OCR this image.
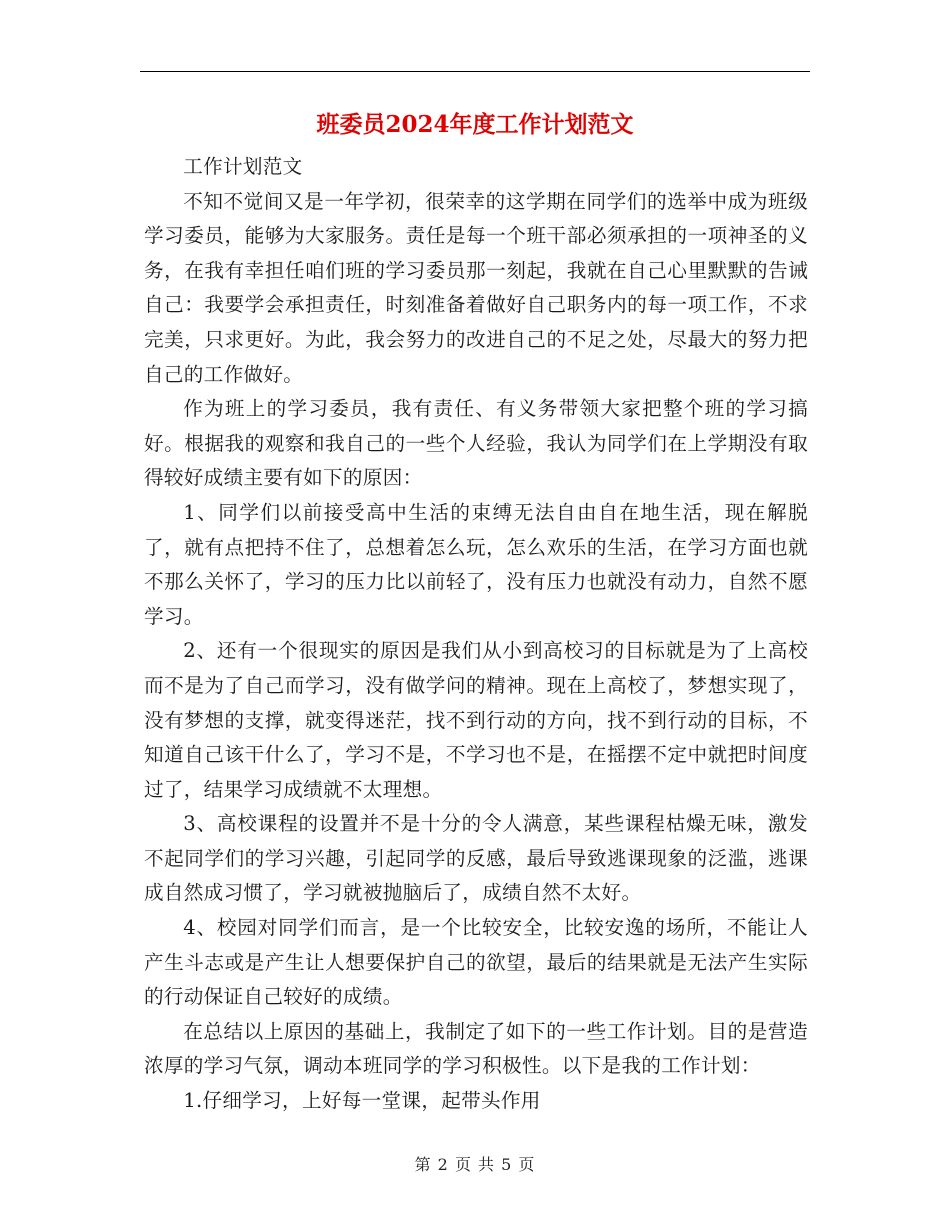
班委员2024年度工作计划范文

工作计划范文

不知不觉间又是一年学初，很荣幸的这学期在同学们的选举中成为班级学习委员，能够为大家服务。责任是每一个班干部必须承担的一项神圣的义务，在我有幸担任咱们班的学习委员那一刻起，我就在自己心里默默的告诫自己：我要学会承担责任，时刻准备着做好自己职务内的每一项工作，不求完美，只求更好。为此，我会努力的改进自己的不足之处，尽最大的努力把自己的工作做好。

作为班上的学习委员，我有责任、有义务带领大家把整个班的学习搞好。根据我的观察和我自己的一些个人经验，我认为同学们在上学期没有取得较好成绩主要有如下的原因：

1、同学们以前接受高中生活的束缚无法自由自在地生活，现在解脱了，就有点把持不住了，总想着怎么玩，怎么欢乐的生活，在学习方面也就不那么关怀了，学习的压力比以前轻了，没有压力也就没有动力，自然不愿学习。

2、还有一个很现实的原因是我们从小到高校习的目标就是为了上高校而不是为了自己而学习，没有做学问的精神。现在上高校了，梦想实现了，没有梦想的支撑，就变得迷茫，找不到行动的方向，找不到行动的目标，不知道自己该干什么了，学习不是，不学习也不是，在摇摆不定中就把时间度过了，结果学习成绩就不太理想。

3、高校课程的设置并不是十分的令人满意，某些课程枯燥无味，激发不起同学们的学习兴趣，引起同学的反感，最后导致逃课现象的泛滥，逃课成自然成习惯了，学习就被抛脑后了，成绩自然不太好。

4、校园对同学们而言，是一个比较安全，比较安逸的场所，不能让人产生斗志或是产生让人想要保护自己的欲望，最后的结果就是无法产生实际的行动保证自己较好的成绩。

在总结以上原因的基础上，我制定了如下的一些工作计划。目的是营造浓厚的学习气氛，调动本班同学的学习积极性。以下是我的工作计划：

1.仔细学习，上好每一堂课，起带头作用

第 2 页 共 5 页
